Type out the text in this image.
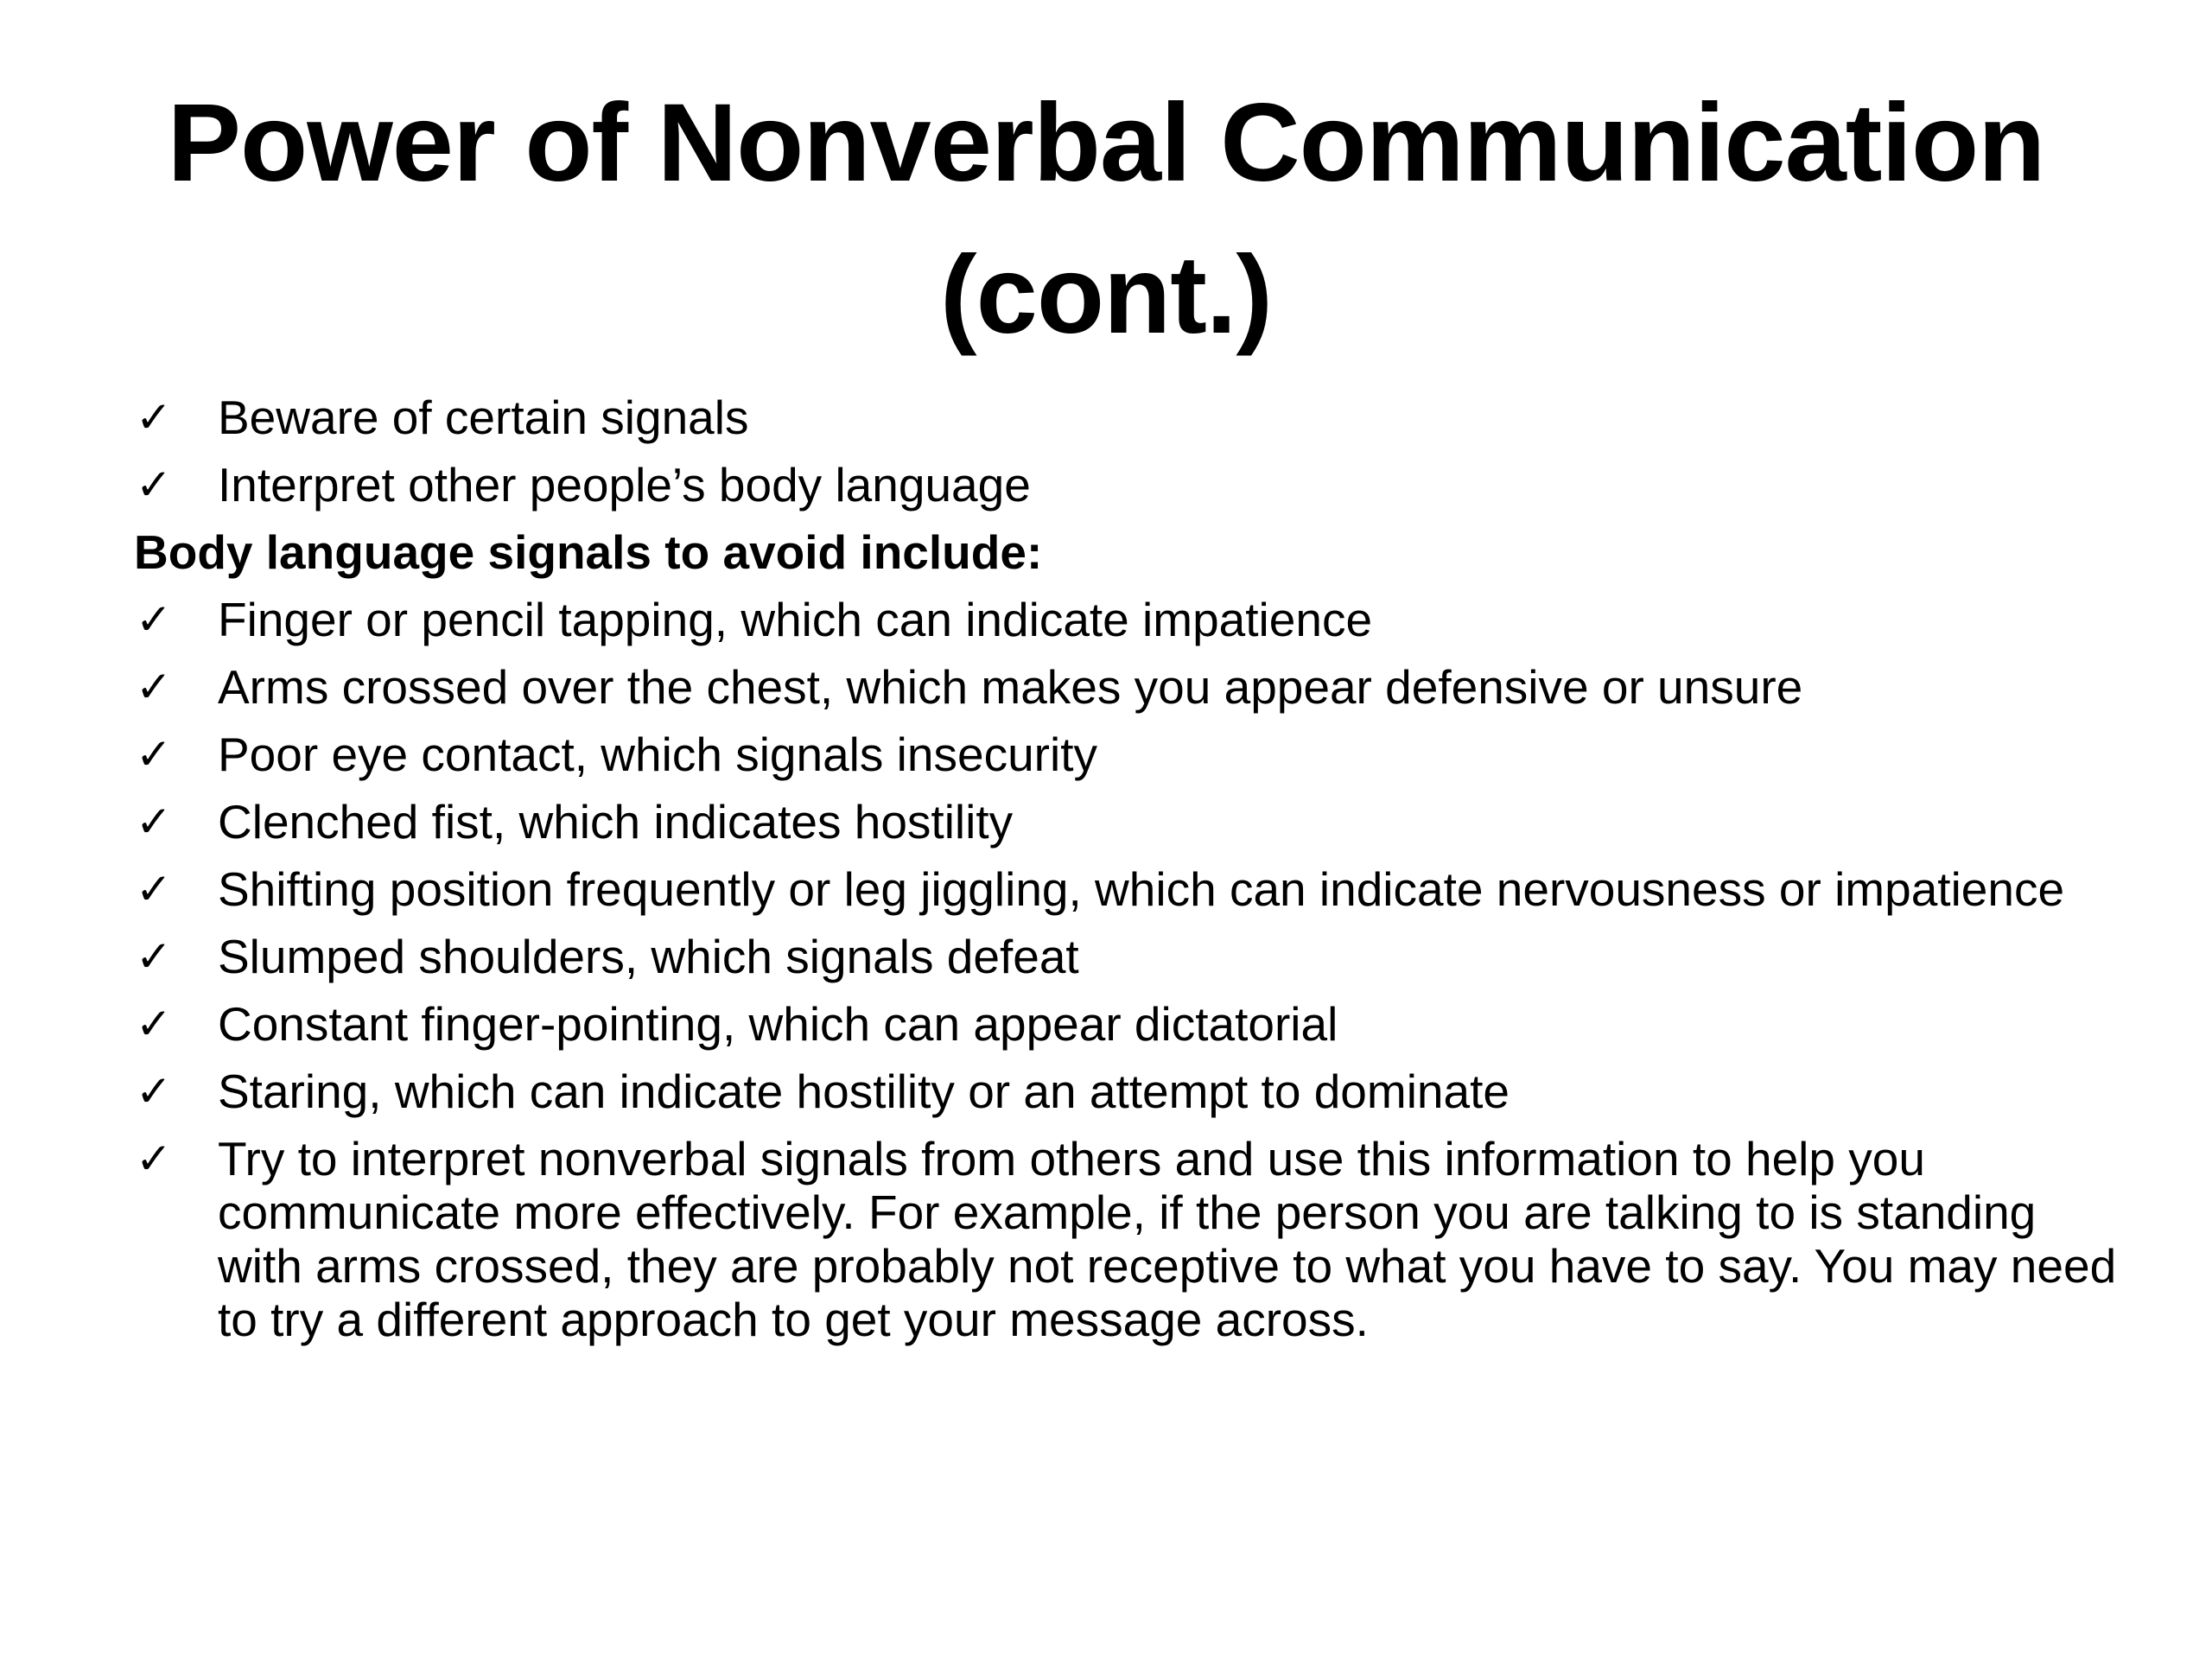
Power of Nonverbal Communication
(cont.)
✓ Beware of certain signals
✓ Interpret other people’s body language
Body language signals to avoid include:
✓ Finger or pencil tapping, which can indicate impatience
✓ Arms crossed over the chest, which makes you appear defensive or unsure
✓ Poor eye contact, which signals insecurity
✓ Clenched fist, which indicates hostility
✓ Shifting position frequently or leg jiggling, which can indicate nervousness or impatience
✓ Slumped shoulders, which signals defeat
✓ Constant finger-pointing, which can appear dictatorial
✓ Staring, which can indicate hostility or an attempt to dominate
✓ Try to interpret nonverbal signals from others and use this information to help you communicate more effectively. For example, if the person you are talking to is standing with arms crossed, they are probably not receptive to what you have to say. You may need to try a different approach to get your message across.
